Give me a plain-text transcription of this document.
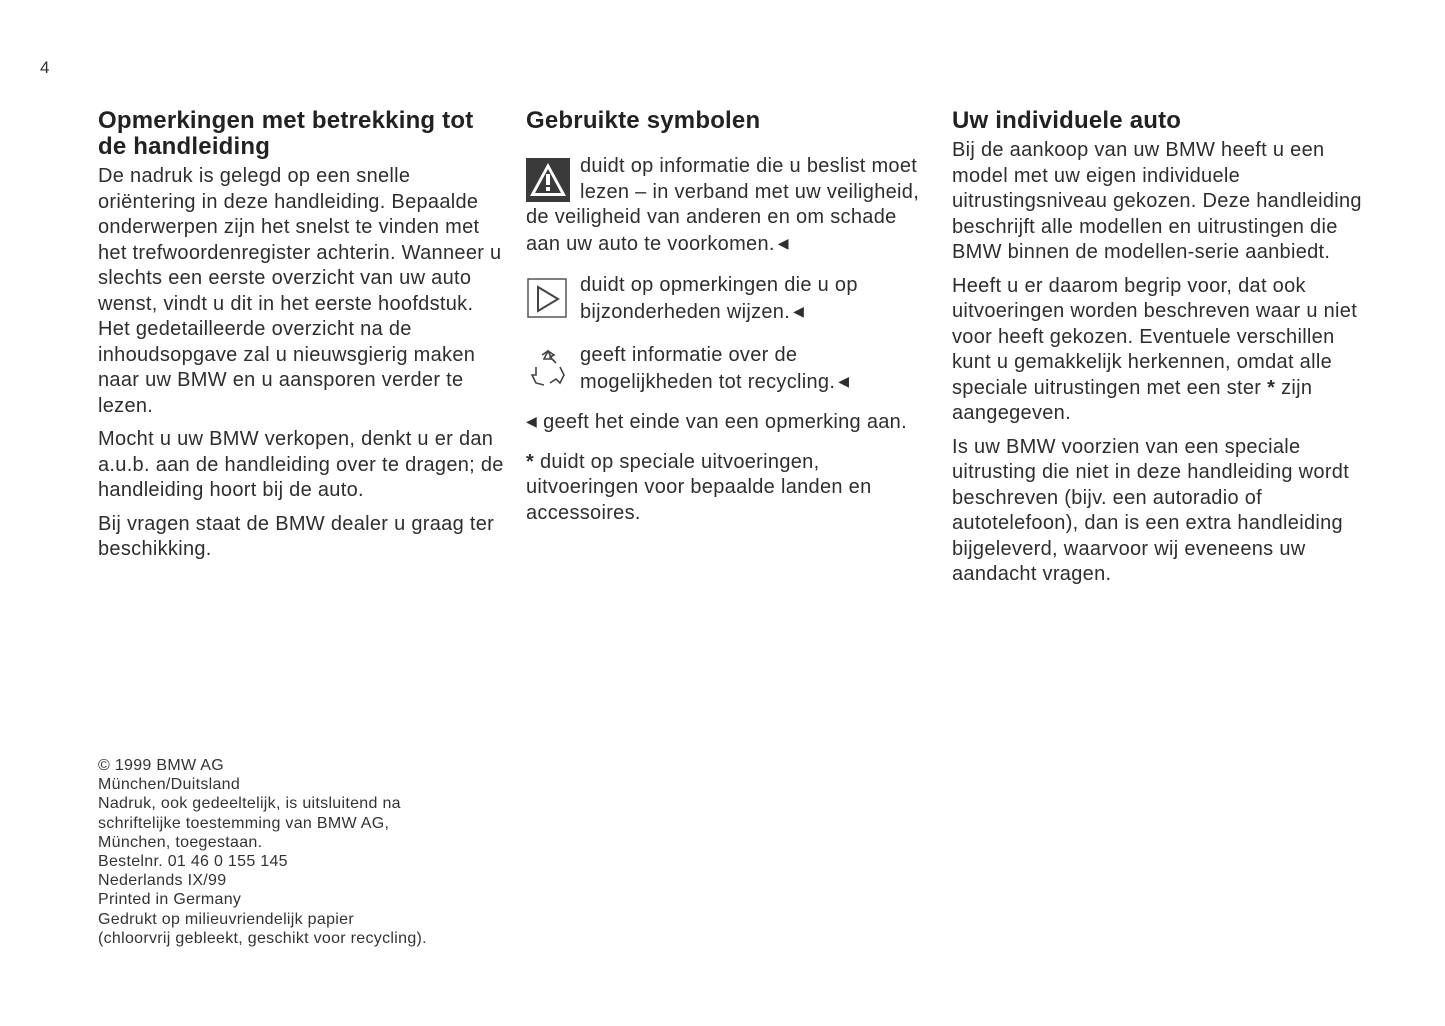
4
Opmerkingen met betrekking tot de handleiding

De nadruk is gelegd op een snelle oriëntering in deze handleiding. Bepaalde onderwerpen zijn het snelst te vinden met het trefwoordenregister achterin. Wanneer u slechts een eerste overzicht van uw auto wenst, vindt u dit in het eerste hoofdstuk. Het gedetailleerde overzicht na de inhoudsopgave zal u nieuwsgierig maken naar uw BMW en u aansporen verder te lezen.

Mocht u uw BMW verkopen, denkt u er dan a.u.b. aan de handleiding over te dragen; de handleiding hoort bij de auto.

Bij vragen staat de BMW dealer u graag ter beschikking.

Gebruikte symbolen

duidt op informatie die u beslist moet lezen – in verband met uw veiligheid, de veiligheid van anderen en om schade aan uw auto te voorkomen. ◀

duidt op opmerkingen die u op bijzonderheden wijzen. ◀

geeft informatie over de mogelijkheden tot recycling. ◀

◀ geeft het einde van een opmerking aan.

* duidt op speciale uitvoeringen, uitvoeringen voor bepaalde landen en accessoires.

Uw individuele auto

Bij de aankoop van uw BMW heeft u een model met uw eigen individuele uitrustingsniveau gekozen. Deze handleiding beschrijft alle modellen en uitrustingen die BMW binnen de modellen-serie aanbiedt.

Heeft u er daarom begrip voor, dat ook uitvoeringen worden beschreven waar u niet voor heeft gekozen. Eventuele verschillen kunt u gemakkelijk herkennen, omdat alle speciale uitrustingen met een ster * zijn aangegeven.

Is uw BMW voorzien van een speciale uitrusting die niet in deze handleiding wordt beschreven (bijv. een autoradio of autotelefoon), dan is een extra handleiding bijgeleverd, waarvoor wij eveneens uw aandacht vragen.

© 1999 BMW AG
München/Duitsland
Nadruk, ook gedeeltelijk, is uitsluitend na
schriftelijke toestemming van BMW AG,
München, toegestaan.
Bestelnr. 01 46 0 155 145
Nederlands IX/99
Printed in Germany
Gedrukt op milieuvriendelijk papier
(chloorvrij gebleekt, geschikt voor recycling).
